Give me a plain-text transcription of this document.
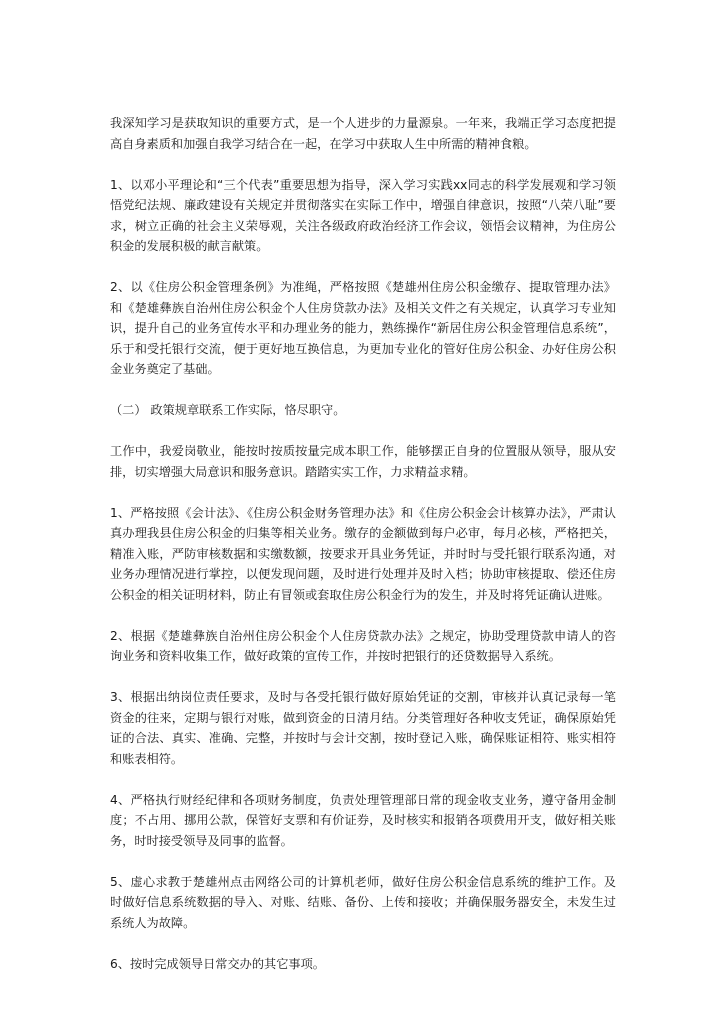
我深知学习是获取知识的重要方式，是一个人进步的力量源泉。一年来，我端正学习态度把提高自身素质和加强自我学习结合在一起，在学习中获取人生中所需的精神食粮。

1、以邓小平理论和“三个代表”重要思想为指导，深入学习实践xx同志的科学发展观和学习领悟党纪法规、廉政建设有关规定并贯彻落实在实际工作中，增强自律意识，按照“八荣八耻”要求，树立正确的社会主义荣辱观，关注各级政府政治经济工作会议，领悟会议精神，为住房公积金的发展积极的献言献策。

2、以《住房公积金管理条例》为准绳，严格按照《楚雄州住房公积金缴存、提取管理办法》和《楚雄彝族自治州住房公积金个人住房贷款办法》及相关文件之有关规定，认真学习专业知识，提升自己的业务宣传水平和办理业务的能力，熟练操作“新居住房公积金管理信息系统”，乐于和受托银行交流，便于更好地互换信息，为更加专业化的管好住房公积金、办好住房公积金业务奠定了基础。

（二） 政策规章联系工作实际，恪尽职守。

工作中，我爱岗敬业，能按时按质按量完成本职工作，能够摆正自身的位置服从领导，服从安排，切实增强大局意识和服务意识。踏踏实实工作，力求精益求精。

1、严格按照《会计法》、《住房公积金财务管理办法》和《住房公积金会计核算办法》，严肃认真办理我县住房公积金的归集等相关业务。缴存的金额做到每户必审，每月必核，严格把关，精准入账，严防审核数据和实缴数额，按要求开具业务凭证，并时时与受托银行联系沟通，对业务办理情况进行掌控，以便发现问题，及时进行处理并及时入档；协助审核提取、偿还住房公积金的相关证明材料，防止有冒领或套取住房公积金行为的发生，并及时将凭证确认进账。

2、根据《楚雄彝族自治州住房公积金个人住房贷款办法》之规定，协助受理贷款申请人的咨询业务和资料收集工作，做好政策的宣传工作，并按时把银行的还贷数据导入系统。

3、根据出纳岗位责任要求，及时与各受托银行做好原始凭证的交割，审核并认真记录每一笔资金的往来，定期与银行对账，做到资金的日清月结。分类管理好各种收支凭证，确保原始凭证的合法、真实、准确、完整，并按时与会计交割，按时登记入账，确保账证相符、账实相符和账表相符。

4、严格执行财经纪律和各项财务制度，负责处理管理部日常的现金收支业务，遵守备用金制度；不占用、挪用公款，保管好支票和有价证券，及时核实和报销各项费用开支，做好相关账务，时时接受领导及同事的监督。

5、虚心求教于楚雄州点击网络公司的计算机老师，做好住房公积金信息系统的维护工作。及时做好信息系统数据的导入、对账、结账、备份、上传和接收；并确保服务器安全，未发生过系统人为故障。

6、按时完成领导日常交办的其它事项。
